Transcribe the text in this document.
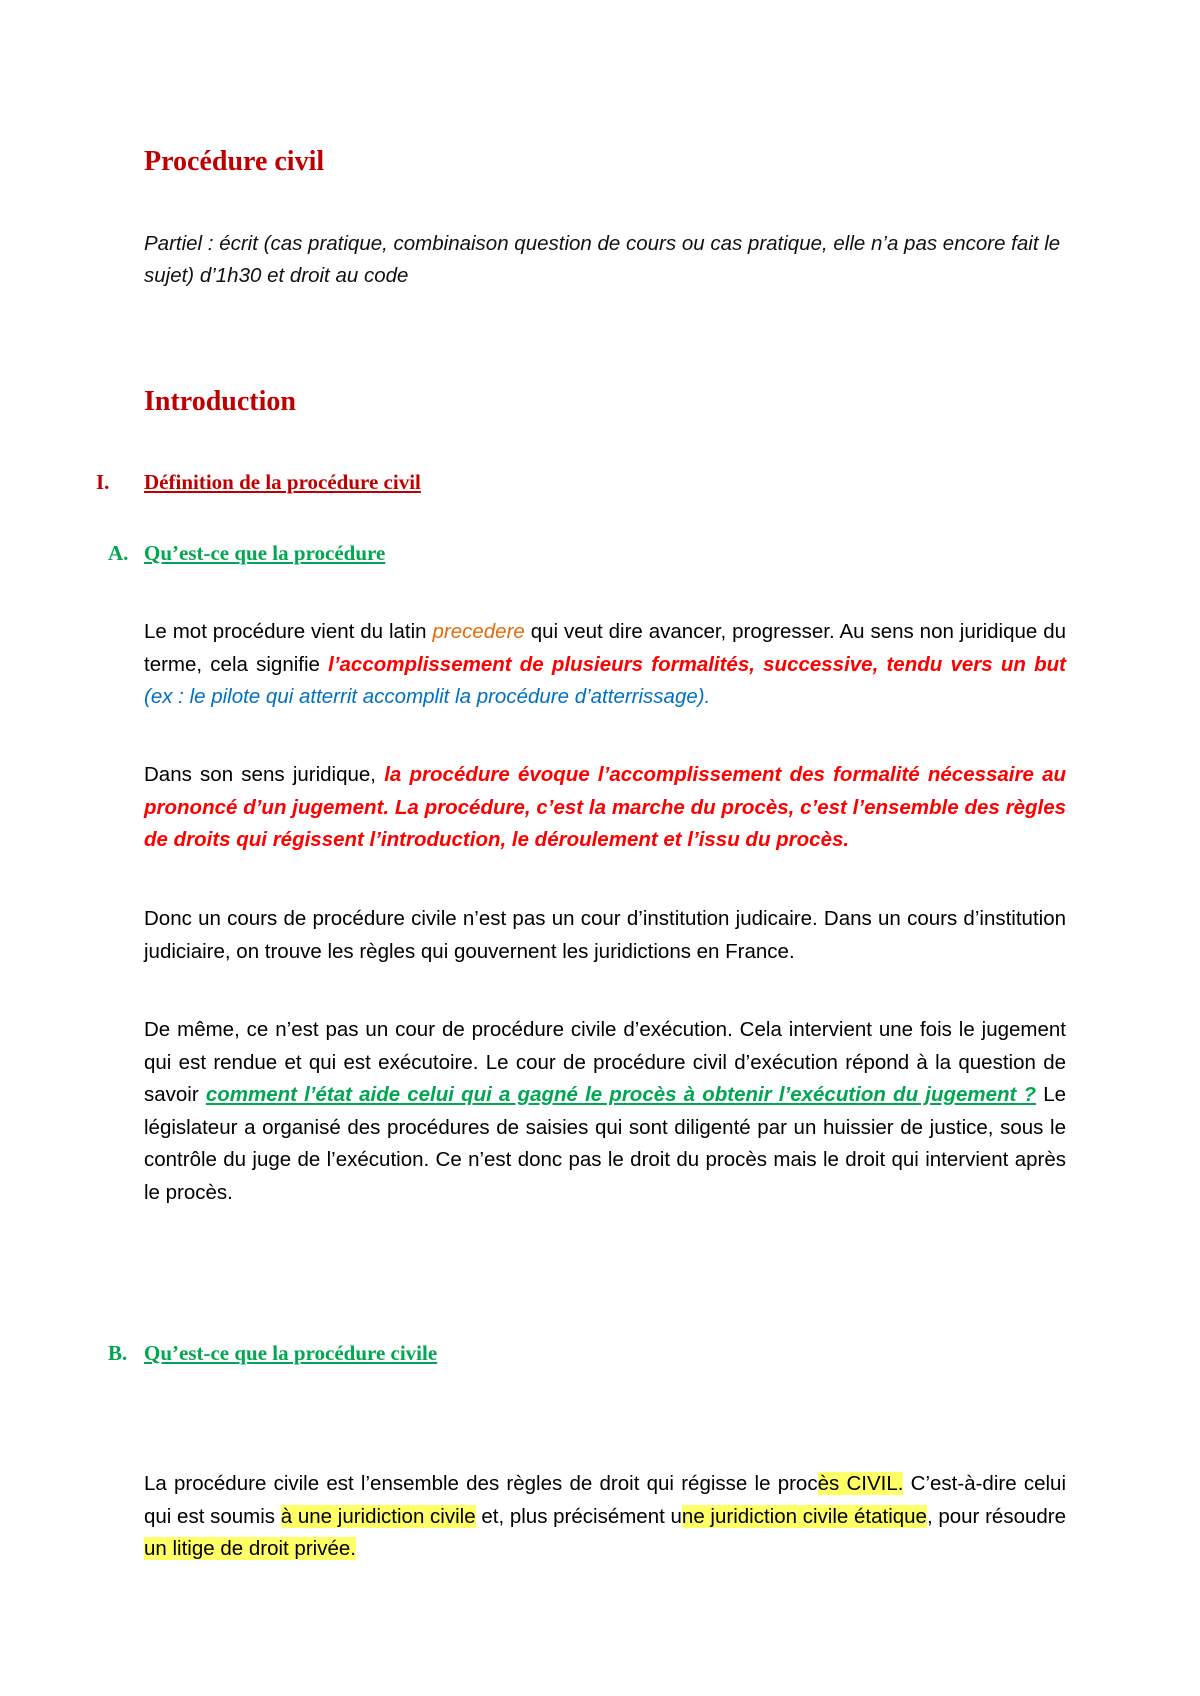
Procédure civil

Partiel : écrit (cas pratique, combinaison question de cours ou cas pratique, elle n’a pas encore fait le sujet) d’1h30 et droit au code

Introduction
I.	Définition de la procédure civil
A. Qu’est-ce que la procédure

Le mot procédure vient du latin precedere qui veut dire avancer, progresser. Au sens non juridique du terme, cela signifie l’accomplissement de plusieurs formalités, successive, tendu vers un but (ex : le pilote qui atterrit accomplit la procédure d’atterrissage).

Dans son sens juridique, la procédure évoque l’accomplissement des formalité nécessaire au prononcé d’un jugement. La procédure, c’est la marche du procès, c’est l’ensemble des règles de droits qui régissent l’introduction, le déroulement et l’issu du procès.

Donc un cours de procédure civile n’est pas un cour d’institution judicaire. Dans un cours d’institution judiciaire, on trouve les règles qui gouvernent les juridictions en France.

De même, ce n’est pas un cour de procédure civile d’exécution. Cela intervient une fois le jugement qui est rendue et qui est exécutoire. Le cour de procédure civil d’exécution répond à la question de savoir comment l’état aide celui qui a gagné le procès à obtenir l’exécution du jugement ? Le législateur a organisé des procédures de saisies qui sont diligenté par un huissier de justice, sous le contrôle du juge de l’exécution. Ce n’est donc pas le droit du procès mais le droit qui intervient après le procès.

B. Qu’est-ce que la procédure civile

La procédure civile est l’ensemble des règles de droit qui régisse le procès CIVIL. C’est-à-dire celui qui est soumis à une juridiction civile et, plus précisément une juridiction civile étatique, pour résoudre un litige de droit privée.
